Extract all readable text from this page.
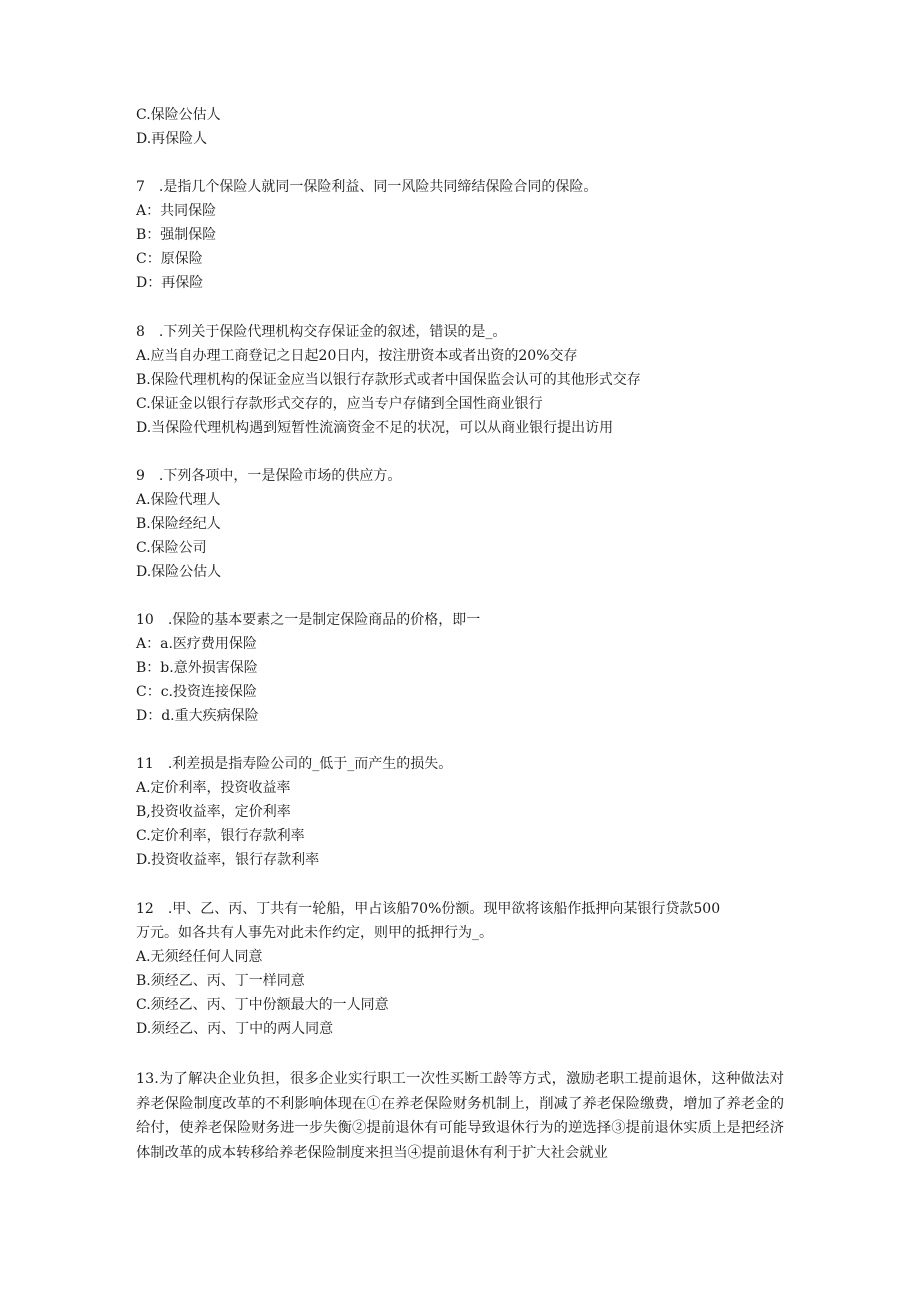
C.保险公估人
D.再保险人
7　.是指几个保险人就同一保险利益、同一风险共同缔结保险合同的保险。
A：共同保险
B：强制保险
C：原保险
D：再保险
8　.下列关于保险代理机构交存保证金的叙述，错误的是_。
A.应当自办理工商登记之日起20日内，按注册资本或者出资的20%交存
B.保险代理机构的保证金应当以银行存款形式或者中国保监会认可的其他形式交存
C.保证金以银行存款形式交存的，应当专户存储到全国性商业银行
D.当保险代理机构遇到短暂性流滴资金不足的状况，可以从商业银行提出访用
9　.下列各项中，一是保险市场的供应方。
A.保险代理人
B.保险经纪人
C.保险公司
D.保险公估人
10　.保险的基本要素之一是制定保险商品的价格，即一
A：a.医疗费用保险
B：b.意外损害保险
C：c.投资连接保险
D：d.重大疾病保险
11　.利差损是指寿险公司的_低于_而产生的损失。
A.定价利率，投资收益率
B,投资收益率，定价利率
C.定价利率，银行存款利率
D.投资收益率，银行存款利率
12　.甲、乙、丙、丁共有一轮船，甲占该船70%份额。现甲欲将该船作抵押向某银行贷款500
万元。如各共有人事先对此未作约定，则甲的抵押行为_。
A.无须经任何人同意
B.须经乙、丙、丁一样同意
C.须经乙、丙、丁中份额最大的一人同意
D.须经乙、丙、丁中的两人同意
13.为了解决企业负担，很多企业实行职工一次性买断工龄等方式，激励老职工提前退休，这种做法对养老保险制度改革的不利影响体现在①在养老保险财务机制上，削减了养老保险缴费，增加了养老金的给付，使养老保险财务进一步失衡②提前退休有可能导致退休行为的逆选择③提前退休实质上是把经济体制改革的成本转移给养老保险制度来担当④提前退休有利于扩大社会就业
